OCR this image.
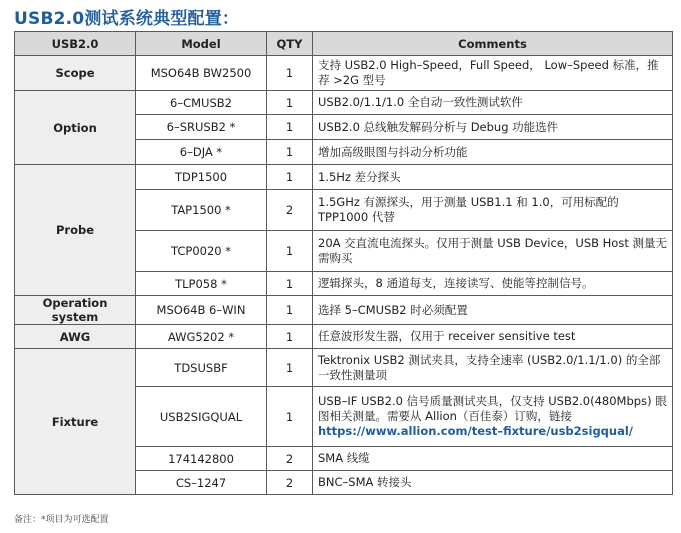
USB2.0测试系统典型配置：
USB2.0	Model	QTY	Comments
Scope	MSO64B BW2500	1	支持 USB2.0 High–Speed，Full Speed， Low–Speed 标准，推荐 >2G 型号
Option	6–CMUSB2	1	USB2.0/1.1/1.0 全自动一致性测试软件
	6–SRUSB2 *	1	USB2.0 总线触发解码分析与 Debug 功能选件
	6–DJA *	1	增加高级眼图与抖动分析功能
Probe	TDP1500	1	1.5Hz 差分探头
	TAP1500 *	2	1.5GHz 有源探头，用于测量 USB1.1 和 1.0，可用标配的 TPP1000 代替
	TCP0020 *	1	20A 交直流电流探头。仅用于测量 USB Device，USB Host 测量无需购买
	TLP058 *	1	逻辑探头，8 通道每支，连接读写、使能等控制信号。
Operation system	MSO64B 6–WIN	1	选择 5–CMUSB2 时必须配置
AWG	AWG5202 *	1	任意波形发生器，仅用于 receiver sensitive test
Fixture	TDSUSBF	1	Tektronix USB2 测试夹具，支持全速率 (USB2.0/1.1/1.0) 的全部一致性测量项
	USB2SIGQUAL	1	USB–IF USB2.0 信号质量测试夹具，仅支持 USB2.0(480Mbps) 眼图相关测量。需要从 Allion（百佳泰）订购，链接
https://www.allion.com/test–fixture/usb2sigqual/
	174142800	2	SMA 线缆
	CS–1247	2	BNC–SMA 转接头
备注：*项目为可选配置
